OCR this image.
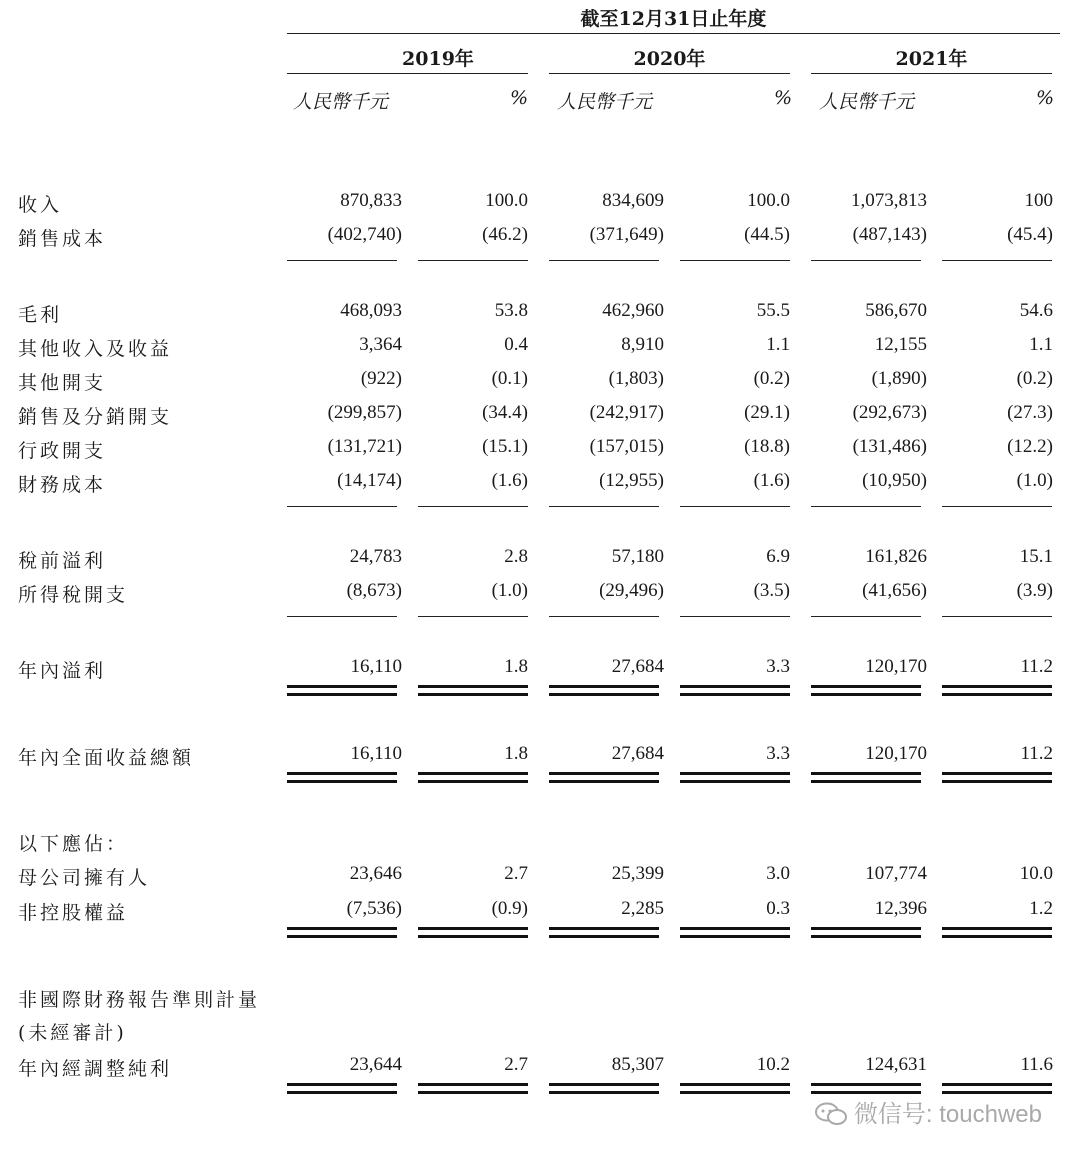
截至12月31日止年度
2019年	2020年	2021年
人民幣千元	% 人民幣千元	% 人民幣千元	%
收入	870,833	100.0	834,609	100.0	1,073,813	100
銷售成本	(402,740)	(46.2)	(371,649)	(44.5)	(487,143)	(45.4)
毛利	468,093	53.8	462,960	55.5	586,670	54.6
其他收入及收益	3,364	0.4	8,910	1.1	12,155	1.1
其他開支	(922)	(0.1)	(1,803)	(0.2)	(1,890)	(0.2)
銷售及分銷開支	(299,857)	(34.4)	(242,917)	(29.1)	(292,673)	(27.3)
行政開支	(131,721)	(15.1)	(157,015)	(18.8)	(131,486)	(12.2)
財務成本	(14,174)	(1.6)	(12,955)	(1.6)	(10,950)	(1.0)
稅前溢利	24,783	2.8	57,180	6.9	161,826	15.1
所得稅開支	(8,673)	(1.0)	(29,496)	(3.5)	(41,656)	(3.9)
年內溢利	16,110	1.8	27,684	3.3	120,170	11.2
年內全面收益總額	16,110	1.8	27,684	3.3	120,170	11.2
以下應佔：
母公司擁有人	23,646	2.7	25,399	3.0	107,774	10.0
非控股權益	(7,536)	(0.9)	2,285	0.3	12,396	1.2
非國際財務報告準則計量
(未經審計)
年內經調整純利	23,644	2.7	85,307	10.2	124,631	11.6
微信号: touchweb
